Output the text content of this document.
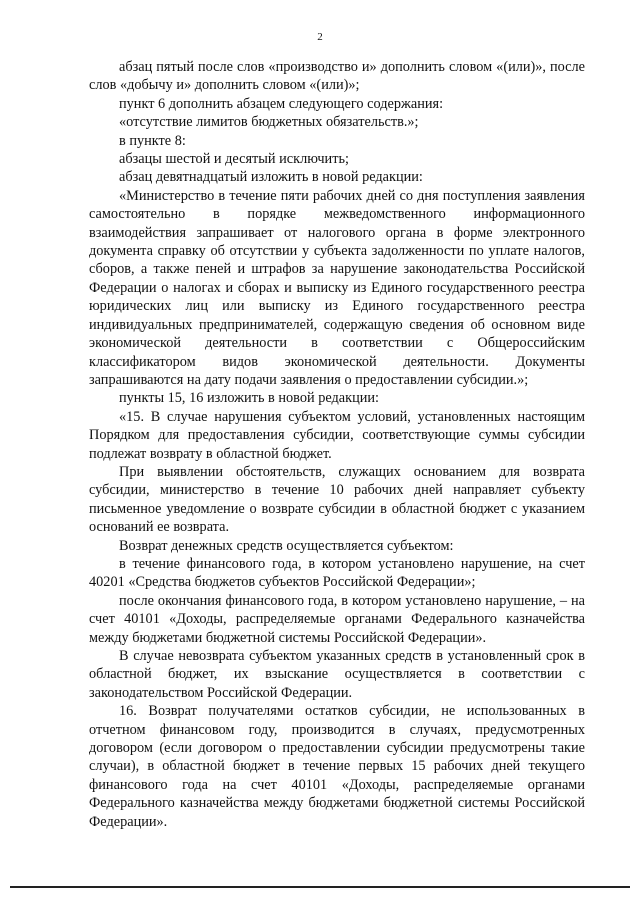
2

абзац пятый после слов «производство и» дополнить словом «(или)», после слов «добычу и» дополнить словом «(или)»;

пункт 6 дополнить абзацем следующего содержания:

«отсутствие лимитов бюджетных обязательств.»;

в пункте 8:

абзацы шестой и десятый исключить;

абзац девятнадцатый изложить в новой редакции:

«Министерство в течение пяти рабочих дней со дня поступления заявления самостоятельно в порядке межведомственного информационного взаимодействия запрашивает от налогового органа в форме электронного документа справку об отсутствии у субъекта задолженности по уплате налогов, сборов, а также пеней и штрафов за нарушение законодательства Российской Федерации о налогах и сборах и выписку из Единого государственного реестра юридических лиц или выписку из Единого государственного реестра индивидуальных предпринимателей, содержащую сведения об основном виде экономической деятельности в соответствии с Общероссийским классификатором видов экономической деятельности. Документы запрашиваются на дату подачи заявления о предоставлении субсидии.»;

пункты 15, 16 изложить в новой редакции:

«15. В случае нарушения субъектом условий, установленных настоящим Порядком для предоставления субсидии, соответствующие суммы субсидии подлежат возврату в областной бюджет.

При выявлении обстоятельств, служащих основанием для возврата субсидии, министерство в течение 10 рабочих дней направляет субъекту письменное уведомление о возврате субсидии в областной бюджет с указанием оснований ее возврата.

Возврат денежных средств осуществляется субъектом:

в течение финансового года, в котором установлено нарушение, на счет 40201 «Средства бюджетов субъектов Российской Федерации»;

после окончания финансового года, в котором установлено нарушение, – на счет 40101 «Доходы, распределяемые органами Федерального казначейства между бюджетами бюджетной системы Российской Федерации».

В случае невозврата субъектом указанных средств в установленный срок в областной бюджет, их взыскание осуществляется в соответствии с законодательством Российской Федерации.

16. Возврат получателями остатков субсидии, не использованных в отчетном финансовом году, производится в случаях, предусмотренных договором (если договором о предоставлении субсидии предусмотрены такие случаи), в областной бюджет в течение первых 15 рабочих дней текущего финансового года на счет 40101 «Доходы, распределяемые органами Федерального казначейства между бюджетами бюджетной системы Российской Федерации».
